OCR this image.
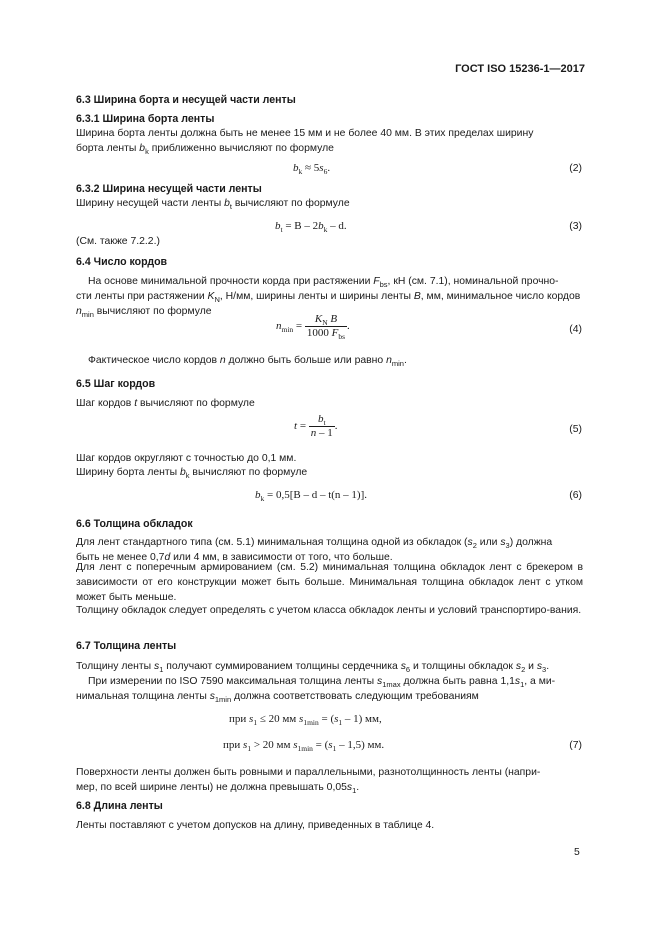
ГОСТ ISO 15236-1—2017
6.3 Ширина борта и несущей части ленты
6.3.1 Ширина борта ленты
Ширина борта ленты должна быть не менее 15 мм и не более 40 мм. В этих пределах ширину
борта ленты $b_k$ приближенно вычисляют по формуле
$b_k \approx 5s_6$.	(2)
6.3.2 Ширина несущей части ленты
Ширину несущей части ленты $b_t$ вычисляют по формуле
$b_t = B - 2b_k - d$.	(3)
(См. также 7.2.2.)
6.4 Число кордов
На основе минимальной прочности корда при растяжении $F_{bs}$, кН (см. 7.1), номинальной прочно-
сти ленты при растяжении $K_N$, Н/мм, ширины ленты и ширины ленты B, мм, минимальное число кордов
$n_{min}$ вычисляют по формуле
$n_{min} = \frac{K_N B}{1000 F_{bs}}$ .	(4)
Фактическое число кордов n должно быть больше или равно $n_{min}$.
6.5 Шаг кордов
Шаг кордов t вычисляют по формуле
$t = \frac{b_t}{n - 1}$ .	(5)
Шаг кордов округляют с точностью до 0,1 мм.
Ширину борта ленты $b_k$ вычисляют по формуле
$b_k = 0,5[B - d - t(n - 1)]$.	(6)
6.6 Толщина обкладок
Для лент стандартного типа (см. 5.1) минимальная толщина одной из обкладок ($s_2$ или $s_3$) должна
быть не менее 0,7d или 4 мм, в зависимости от того, что больше.
Для лент с поперечным армированием (см. 5.2) минимальная толщина обкладок лент с брекером в зависимости от его конструкции может быть больше. Минимальная толщина обкладок лент с утком может быть меньше.
Толщину обкладок следует определять с учетом класса обкладок ленты и условий транспортиро-вания.
6.7 Толщина ленты
Толщину ленты $s_1$ получают суммированием толщины сердечника $s_6$ и толщины обкладок $s_2$ и $s_3$.
При измерении по ISO 7590 максимальная толщина ленты $s_{1max}$ должна быть равна $1,1s_1$, а ми-
нимальная толщина ленты $s_{1min}$ должна соответствовать следующим требованиям
при $s_1 \le 20$ мм $s_{1min} = (s_1 - 1)$ мм,
при $s_1 > 20$ мм $s_{1min} = (s_1 - 1,5)$ мм.	(7)
Поверхности ленты должен быть ровными и параллельными, разнотолщинность ленты (напри-
мер, по всей ширине ленты) не должна превышать $0,05s_1$.
6.8 Длина ленты
Ленты поставляют с учетом допусков на длину, приведенных в таблице 4.
5
